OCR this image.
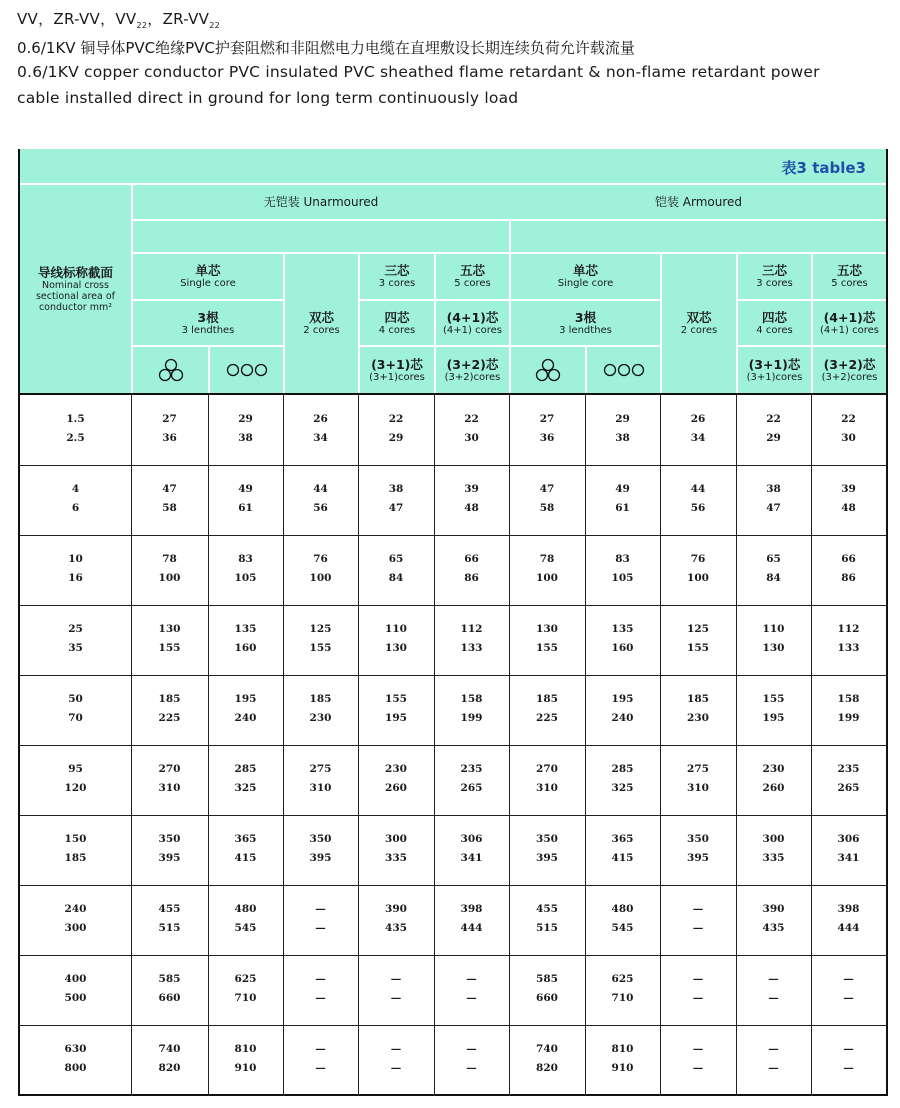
VV，ZR-VV，$VV_{22}$，$ZR-VV_{22}$
0.6/1KV 铜导体PVC绝缘PVC护套阻燃和非阻燃电力电缆在直埋敷设长期连续负荷允许载流量
0.6/1KV copper conductor PVC insulated PVC sheathed flame retardant & non-flame retardant power
cable installed direct in ground for long term continuously load
表3 table3
导线标称截面
Nominal cross sectional area of conductor mm²
无铠装 Unarmoured	铠装 Armoured
单芯
Single core
3根
3 lendthes
双芯
2 cores
三芯
3 cores
五芯
5 cores
四芯
4 cores
(4+1)芯
(4+1) cores
(3+1)芯
(3+1)cores
(3+2)芯
(3+2)cores
单芯
Single core
3根
3 lendthes
双芯
2 cores
三芯
3 cores
五芯
5 cores
四芯
4 cores
(4+1)芯
(4+1) cores
(3+1)芯
(3+1)cores
(3+2)芯
(3+2)cores
1.5
2.5
27
36
29
38
26
34
22
29
22
30
27
36
29
38
26
34
22
29
22
30
4
6
47
58
49
61
44
56
38
47
39
48
47
58
49
61
44
56
38
47
39
48
10
16
78
100
83
105
76
100
65
84
66
86
78
100
83
105
76
100
65
84
66
86
25
35
130
155
135
160
125
155
110
130
112
133
130
155
135
160
125
155
110
130
112
133
50
70
185
225
195
240
185
230
155
195
158
199
185
225
195
240
185
230
155
195
158
199
95
120
270
310
285
325
275
310
230
260
235
265
270
310
285
325
275
310
230
260
235
265
150
185
350
395
365
415
350
395
300
335
306
341
350
395
365
415
350
395
300
335
306
341
240
300
455
515
480
545
—
—
390
435
398
444
455
515
480
545
—
—
390
435
398
444
400
500
585
660
625
710
—
—
—
—
—
—
585
660
625
710
—
—
—
—
—
—
630
800
740
820
810
910
—
—
—
—
—
—
740
820
810
910
—
—
—
—
—
—
